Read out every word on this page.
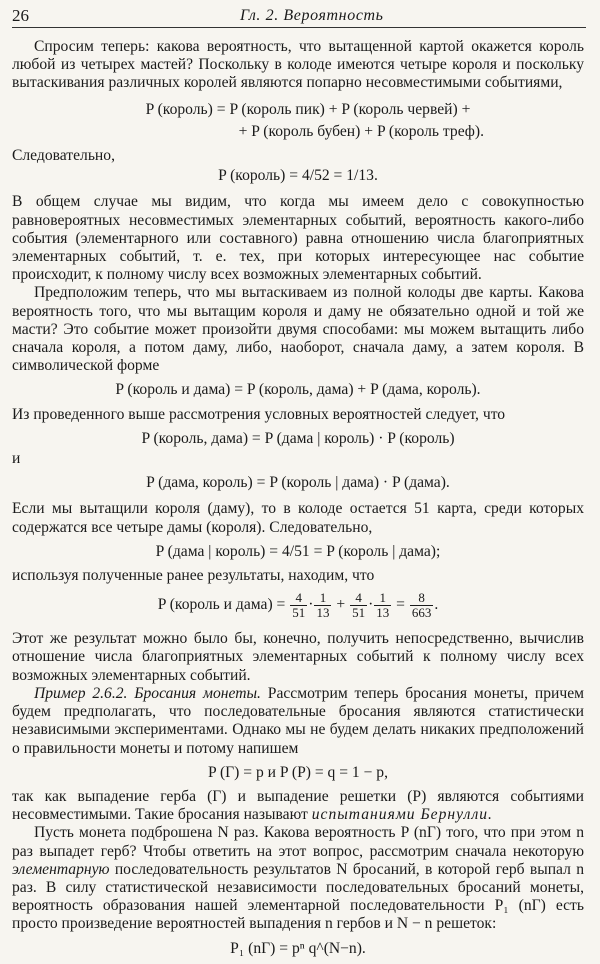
26	Гл. 2. Вероятность

Спросим теперь: какова вероятность, что вытащенной картой окажется король любой из четырех мастей? Поскольку в колоде имеются четыре короля и поскольку вытаскивания различных королей являются попарно несовместимыми событиями,

P (король) = P (король пик) + P (король червей) +
+ P (король бубен) + P (король треф).

Следовательно,

P (король) = 4/52 = 1/13.

В общем случае мы видим, что когда мы имеем дело с совокупностью равновероятных несовместимых элементарных событий, вероятность какого-либо события (элементарного или составного) равна отношению числа благоприятных элементарных событий, т. е. тех, при которых интересующее нас событие происходит, к полному числу всех возможных элементарных событий.

Предположим теперь, что мы вытаскиваем из полной колоды две карты. Какова вероятность того, что мы вытащим короля и даму не обязательно одной и той же масти? Это событие может произойти двумя способами: мы можем вытащить либо сначала короля, а потом даму, либо, наоборот, сначала даму, а затем короля. В символической форме

P (король и дама) = P (король, дама) + P (дама, король).

Из проведенного выше рассмотрения условных вероятностей следует, что

P (король, дама) = P (дама | король) · P (король)

и

P (дама, король) = P (король | дама) · P (дама).

Если мы вытащили короля (даму), то в колоде остается 51 карта, среди которых содержатся все четыре дамы (короля). Следовательно,

P (дама | король) = 4/51 = P (король | дама);

используя полученные ранее результаты, находим, что

P (король и дама) = $\frac{4}{51} \cdot \frac{1}{13} + \frac{4}{51} \cdot \frac{1}{13} = \frac{8}{663}$ .

Этот же результат можно было бы, конечно, получить непосредственно, вычислив отношение числа благоприятных элементарных событий к полному числу всех возможных элементарных событий.

Пример 2.6.2. Бросания монеты. Рассмотрим теперь бросания монеты, причем будем предполагать, что последовательные бросания являются статистически независимыми экспериментами. Однако мы не будем делать никаких предположений о правильности монеты и потому напишем

P (Г) = p и P (Р) = q = 1 − p,

так как выпадение герба (Г) и выпадение решетки (Р) являются событиями несовместимыми. Такие бросания называют испытаниями Бернулли.

Пусть монета подброшена N раз. Какова вероятность P (nГ) того, что при этом n раз выпадет герб? Чтобы ответить на этот вопрос, рассмотрим сначала некоторую элементарную последовательность результатов N бросаний, в которой герб выпал n раз. В силу статистической независимости последовательных бросаний монеты, вероятность образования нашей элементарной последовательности P₁ (nГ) есть просто произведение вероятностей выпадения n гербов и N − n решеток:

P₁ (nГ) = pⁿ q^(N−n).
